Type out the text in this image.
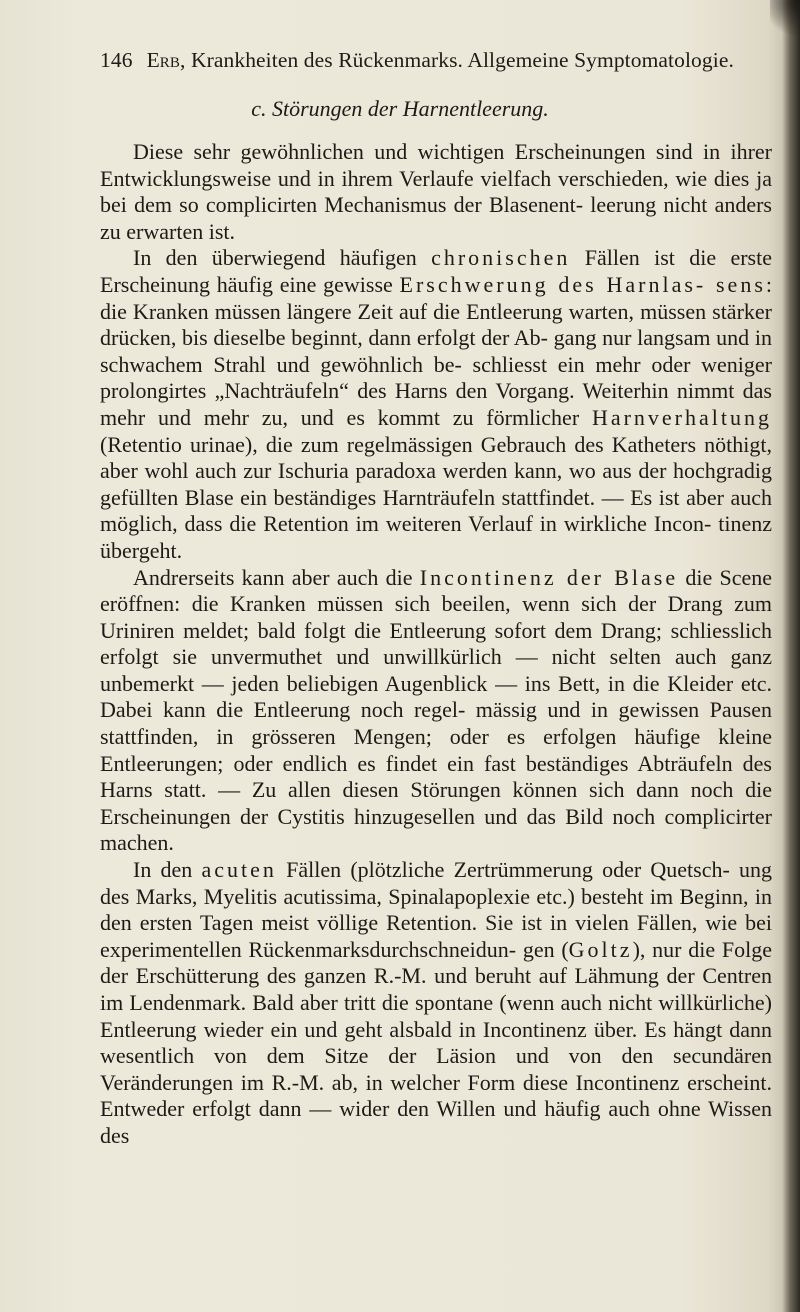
146 Erb, Krankheiten des Rückenmarks. Allgemeine Symptomatologie.
c. Störungen der Harnentleerung.

Diese sehr gewöhnlichen und wichtigen Erscheinungen sind in ihrer Entwicklungsweise und in ihrem Verlaufe vielfach verschieden, wie dies ja bei dem so complicirten Mechanismus der Blasenent- leerung nicht anders zu erwarten ist.

In den überwiegend häufigen chronischen Fällen ist die erste Erscheinung häufig eine gewisse Erschwerung des Harnlas- sens: die Kranken müssen längere Zeit auf die Entleerung warten, müssen stärker drücken, bis dieselbe beginnt, dann erfolgt der Ab- gang nur langsam und in schwachem Strahl und gewöhnlich be- schliesst ein mehr oder weniger prolongirtes „Nachträufeln“ des Harns den Vorgang. Weiterhin nimmt das mehr und mehr zu, und es kommt zu förmlicher Harnverhaltung (Retentio urinae), die zum regelmässigen Gebrauch des Katheters nöthigt, aber wohl auch zur Ischuria paradoxa werden kann, wo aus der hochgradig gefüllten Blase ein beständiges Harnträufeln stattfindet. — Es ist aber auch möglich, dass die Retention im weiteren Verlauf in wirkliche Incon- tinenz übergeht.

Andrerseits kann aber auch die Incontinenz der Blase die Scene eröffnen: die Kranken müssen sich beeilen, wenn sich der Drang zum Uriniren meldet; bald folgt die Entleerung sofort dem Drang; schliesslich erfolgt sie unvermuthet und unwillkürlich — nicht selten auch ganz unbemerkt — jeden beliebigen Augenblick — ins Bett, in die Kleider etc. Dabei kann die Entleerung noch regel- mässig und in gewissen Pausen stattfinden, in grösseren Mengen; oder es erfolgen häufige kleine Entleerungen; oder endlich es findet ein fast beständiges Abträufeln des Harns statt. — Zu allen diesen Störungen können sich dann noch die Erscheinungen der Cystitis hinzugesellen und das Bild noch complicirter machen.

In den acuten Fällen (plötzliche Zertrümmerung oder Quetsch- ung des Marks, Myelitis acutissima, Spinalapoplexie etc.) besteht im Beginn, in den ersten Tagen meist völlige Retention. Sie ist in vielen Fällen, wie bei experimentellen Rückenmarksdurchschneidun- gen (Goltz), nur die Folge der Erschütterung des ganzen R.-M. und beruht auf Lähmung der Centren im Lendenmark. Bald aber tritt die spontane (wenn auch nicht willkürliche) Entleerung wieder ein und geht alsbald in Incontinenz über. Es hängt dann wesentlich von dem Sitze der Läsion und von den secundären Veränderungen im R.-M. ab, in welcher Form diese Incontinenz erscheint. Entweder erfolgt dann — wider den Willen und häufig auch ohne Wissen des
